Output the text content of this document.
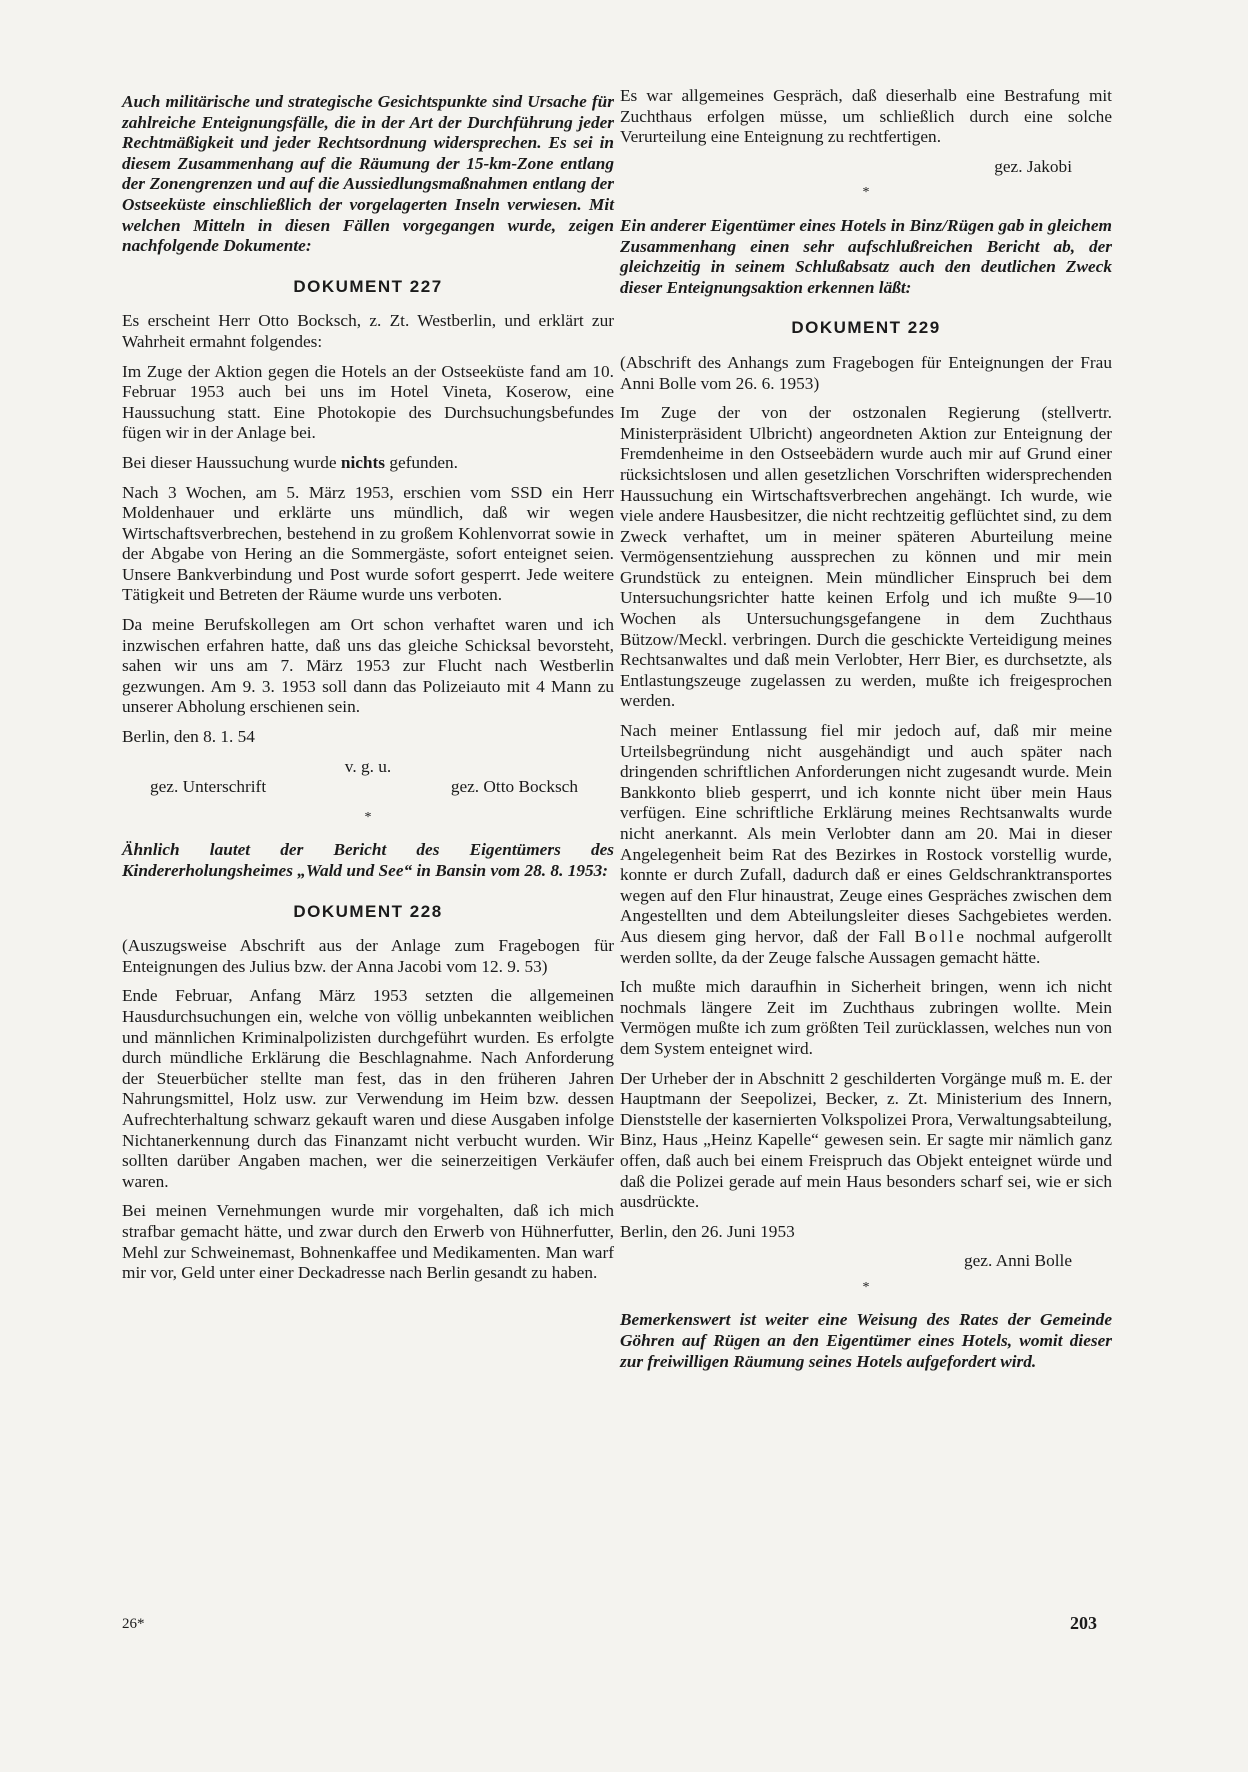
Auch militärische und strategische Gesichtspunkte sind Ursache für zahlreiche Enteignungsfälle, die in der Art der Durchführung jeder Rechtmäßigkeit und jeder Rechtsordnung widersprechen. Es sei in diesem Zusammenhang auf die Räumung der 15-km-Zone entlang der Zonengrenzen und auf die Aussiedlungsmaßnahmen entlang der Ostseeküste einschließlich der vorgelagerten Inseln verwiesen. Mit welchen Mitteln in diesen Fällen vorgegangen wurde, zeigen nachfolgende Dokumente:

DOKUMENT 227

Es erscheint Herr Otto Bocksch, z. Zt. Westberlin, und erklärt zur Wahrheit ermahnt folgendes:

Im Zuge der Aktion gegen die Hotels an der Ostseeküste fand am 10. Februar 1953 auch bei uns im Hotel Vineta, Koserow, eine Haussuchung statt. Eine Photokopie des Durchsuchungsbefundes fügen wir in der Anlage bei.

Bei dieser Haussuchung wurde nichts gefunden.

Nach 3 Wochen, am 5. März 1953, erschien vom SSD ein Herr Moldenhauer und erklärte uns mündlich, daß wir wegen Wirtschaftsverbrechen, bestehend in zu großem Kohlenvorrat sowie in der Abgabe von Hering an die Sommergäste, sofort enteignet seien. Unsere Bankverbindung und Post wurde sofort gesperrt. Jede weitere Tätigkeit und Betreten der Räume wurde uns verboten.

Da meine Berufskollegen am Ort schon verhaftet waren und ich inzwischen erfahren hatte, daß uns das gleiche Schicksal bevorsteht, sahen wir uns am 7. März 1953 zur Flucht nach Westberlin gezwungen. Am 9. 3. 1953 soll dann das Polizeiauto mit 4 Mann zu unserer Abholung erschienen sein.

Berlin, den 8. 1. 54

v. g. u.
gez. Unterschrift	gez. Otto Bocksch
*

Ähnlich lautet der Bericht des Eigentümers des Kindererholungsheimes „Wald und See“ in Bansin vom 28. 8. 1953:

DOKUMENT 228

(Auszugsweise Abschrift aus der Anlage zum Fragebogen für Enteignungen des Julius bzw. der Anna Jacobi vom 12. 9. 53)

Ende Februar, Anfang März 1953 setzten die allgemeinen Hausdurchsuchungen ein, welche von völlig unbekannten weiblichen und männlichen Kriminalpolizisten durchgeführt wurden. Es erfolgte durch mündliche Erklärung die Beschlagnahme. Nach Anforderung der Steuerbücher stellte man fest, das in den früheren Jahren Nahrungsmittel, Holz usw. zur Verwendung im Heim bzw. dessen Aufrechterhaltung schwarz gekauft waren und diese Ausgaben infolge Nichtanerkennung durch das Finanzamt nicht verbucht wurden. Wir sollten darüber Angaben machen, wer die seinerzeitigen Verkäufer waren.

Bei meinen Vernehmungen wurde mir vorgehalten, daß ich mich strafbar gemacht hätte, und zwar durch den Erwerb von Hühnerfutter, Mehl zur Schweinemast, Bohnenkaffee und Medikamenten. Man warf mir vor, Geld unter einer Deckadresse nach Berlin gesandt zu haben.

Es war allgemeines Gespräch, daß dieserhalb eine Bestrafung mit Zuchthaus erfolgen müsse, um schließlich durch eine solche Verurteilung eine Enteignung zu rechtfertigen.

gez. Jakobi
*

Ein anderer Eigentümer eines Hotels in Binz/Rügen gab in gleichem Zusammenhang einen sehr aufschlußreichen Bericht ab, der gleichzeitig in seinem Schlußabsatz auch den deutlichen Zweck dieser Enteignungsaktion erkennen läßt:

DOKUMENT 229

(Abschrift des Anhangs zum Fragebogen für Enteignungen der Frau Anni Bolle vom 26. 6. 1953)

Im Zuge der von der ostzonalen Regierung (stellvertr. Ministerpräsident Ulbricht) angeordneten Aktion zur Enteignung der Fremdenheime in den Ostseebädern wurde auch mir auf Grund einer rücksichtslosen und allen gesetzlichen Vorschriften widersprechenden Haussuchung ein Wirtschaftsverbrechen angehängt. Ich wurde, wie viele andere Hausbesitzer, die nicht rechtzeitig geflüchtet sind, zu dem Zweck verhaftet, um in meiner späteren Aburteilung meine Vermögensentziehung aussprechen zu können und mir mein Grundstück zu enteignen. Mein mündlicher Einspruch bei dem Untersuchungsrichter hatte keinen Erfolg und ich mußte 9—10 Wochen als Untersuchungsgefangene in dem Zuchthaus Bützow/Meckl. verbringen. Durch die geschickte Verteidigung meines Rechtsanwaltes und daß mein Verlobter, Herr Bier, es durchsetzte, als Entlastungszeuge zugelassen zu werden, mußte ich freigesprochen werden.

Nach meiner Entlassung fiel mir jedoch auf, daß mir meine Urteilsbegründung nicht ausgehändigt und auch später nach dringenden schriftlichen Anforderungen nicht zugesandt wurde. Mein Bankkonto blieb gesperrt, und ich konnte nicht über mein Haus verfügen. Eine schriftliche Erklärung meines Rechtsanwalts wurde nicht anerkannt. Als mein Verlobter dann am 20. Mai in dieser Angelegenheit beim Rat des Bezirkes in Rostock vorstellig wurde, konnte er durch Zufall, dadurch daß er eines Geldschranktransportes wegen auf den Flur hinaustrat, Zeuge eines Gespräches zwischen dem Angestellten und dem Abteilungsleiter dieses Sachgebietes werden. Aus diesem ging hervor, daß der Fall Bolle nochmal aufgerollt werden sollte, da der Zeuge falsche Aussagen gemacht hätte.

Ich mußte mich daraufhin in Sicherheit bringen, wenn ich nicht nochmals längere Zeit im Zuchthaus zubringen wollte. Mein Vermögen mußte ich zum größten Teil zurücklassen, welches nun von dem System enteignet wird.

Der Urheber der in Abschnitt 2 geschilderten Vorgänge muß m. E. der Hauptmann der Seepolizei, Becker, z. Zt. Ministerium des Innern, Dienststelle der kasernierten Volkspolizei Prora, Verwaltungsabteilung, Binz, Haus „Heinz Kapelle“ gewesen sein. Er sagte mir nämlich ganz offen, daß auch bei einem Freispruch das Objekt enteignet würde und daß die Polizei gerade auf mein Haus besonders scharf sei, wie er sich ausdrückte.

Berlin, den 26. Juni 1953

gez. Anni Bolle
*

Bemerkenswert ist weiter eine Weisung des Rates der Gemeinde Göhren auf Rügen an den Eigentümer eines Hotels, womit dieser zur freiwilligen Räumung seines Hotels aufgefordert wird.

26*	203
